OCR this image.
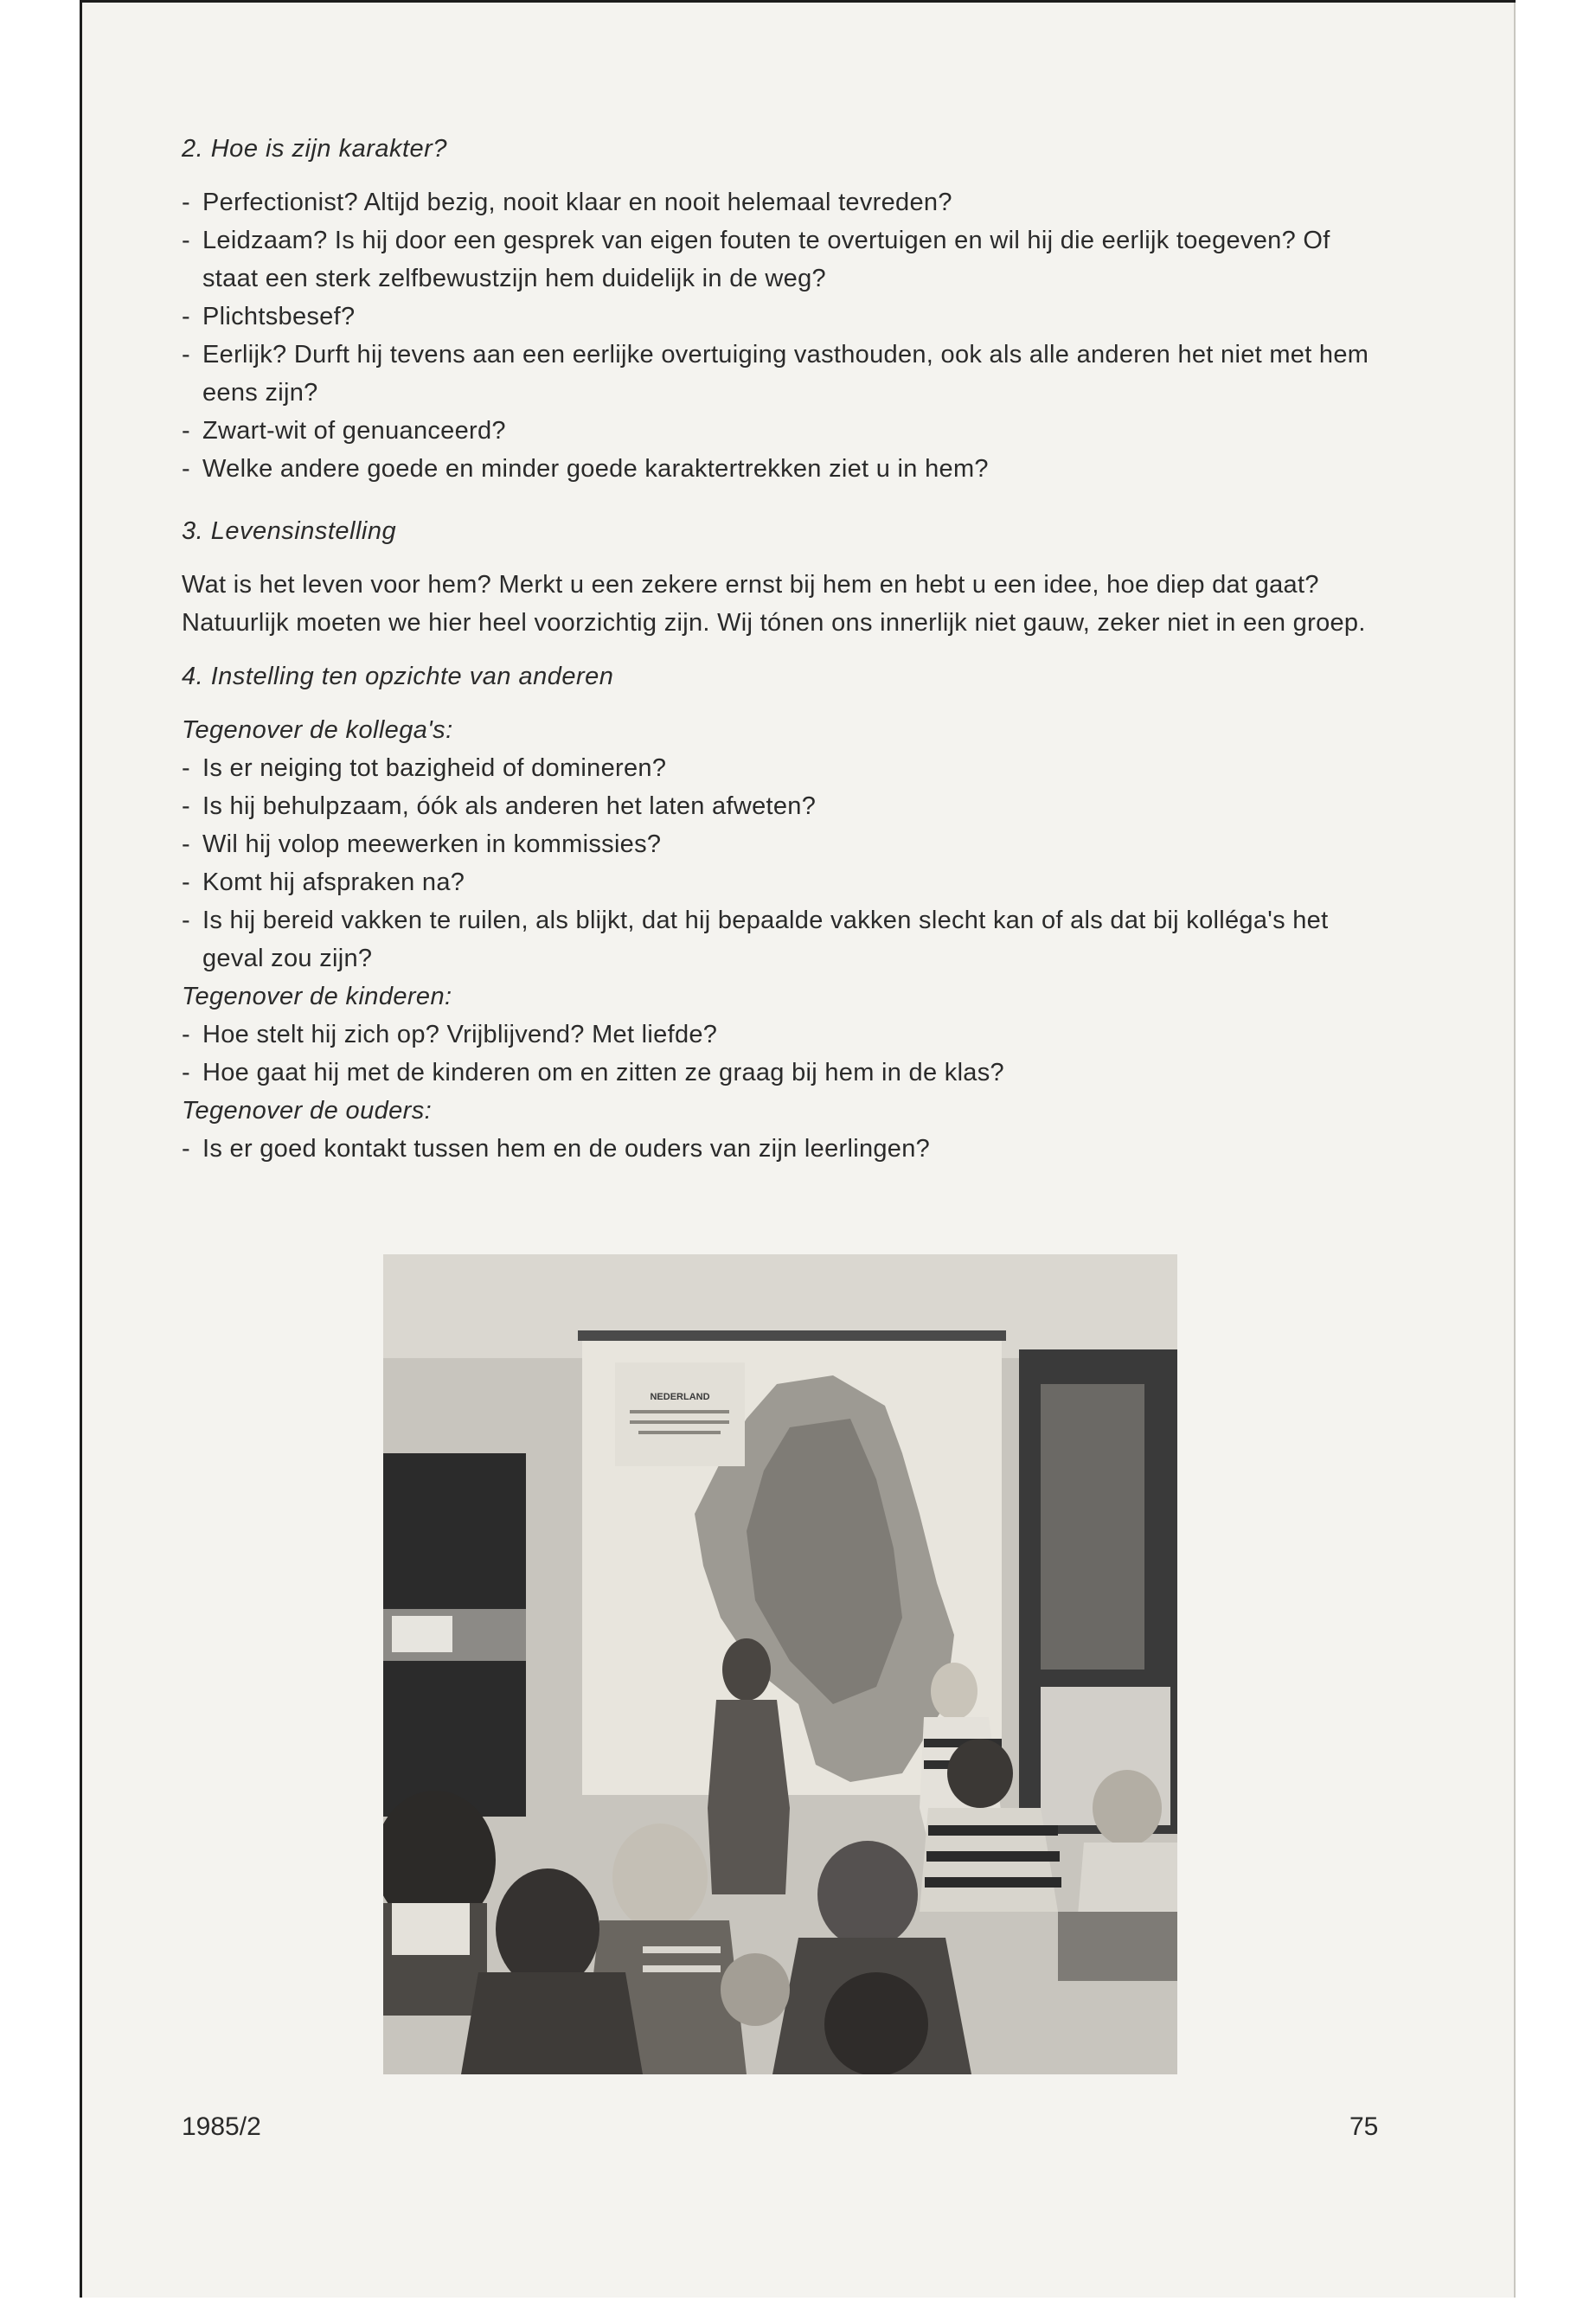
2. Hoe is zijn karakter?

- Perfectionist? Altijd bezig, nooit klaar en nooit helemaal tevreden?
- Leidzaam? Is hij door een gesprek van eigen fouten te overtuigen en wil hij die eerlijk toegeven? Of staat een sterk zelfbewustzijn hem duidelijk in de weg?
- Plichtsbesef?
- Eerlijk? Durft hij tevens aan een eerlijke overtuiging vasthouden, ook als alle anderen het niet met hem eens zijn?
- Zwart-wit of genuanceerd?
- Welke andere goede en minder goede karaktertrekken ziet u in hem?

3. Levensinstelling

Wat is het leven voor hem? Merkt u een zekere ernst bij hem en hebt u een idee, hoe diep dat gaat?
Natuurlijk moeten we hier heel voorzichtig zijn. Wij tónen ons innerlijk niet gauw, zeker niet in een groep.

4. Instelling ten opzichte van anderen

Tegenover de kollega's:
- Is er neiging tot bazigheid of domineren?
- Is hij behulpzaam, óók als anderen het laten afweten?
- Wil hij volop meewerken in kommissies?
- Komt hij afspraken na?
- Is hij bereid vakken te ruilen, als blijkt, dat hij bepaalde vakken slecht kan of als dat bij kolléga's het geval zou zijn?
Tegenover de kinderen:
- Hoe stelt hij zich op? Vrijblijvend? Met liefde?
- Hoe gaat hij met de kinderen om en zitten ze graag bij hem in de klas?
Tegenover de ouders:
- Is er goed kontakt tussen hem en de ouders van zijn leerlingen?
NEDERLAND
1985/2	75
